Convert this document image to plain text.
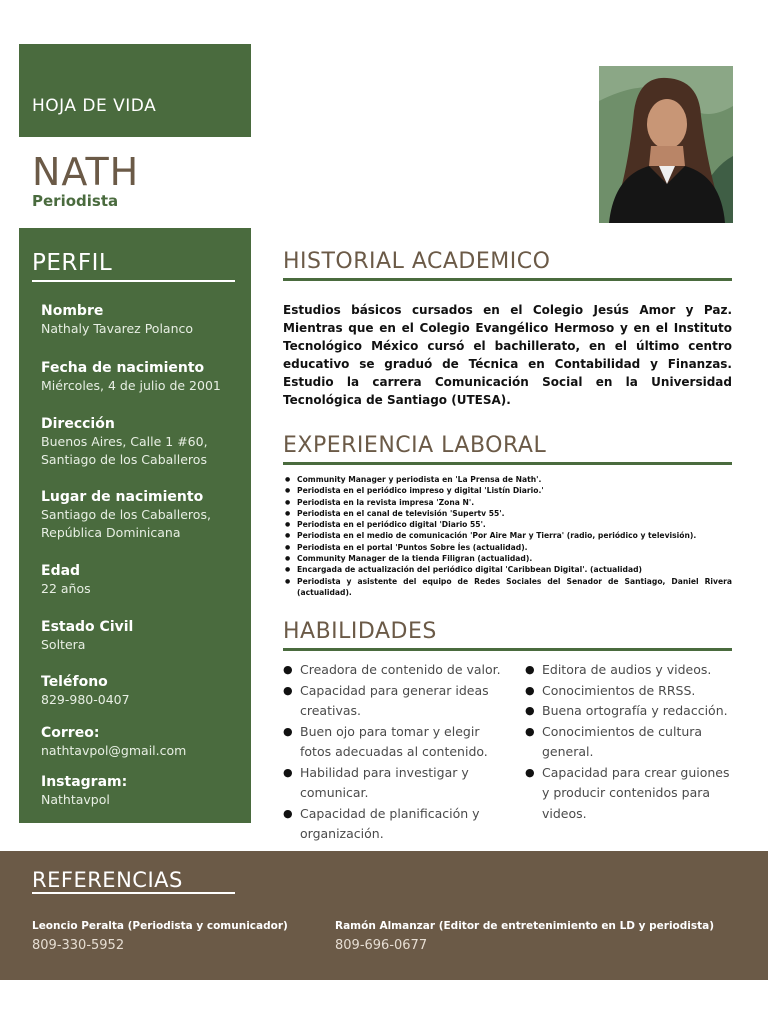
HOJA DE VIDA
NATH
Periodista
PERFIL
Nombre
Nathaly Tavarez Polanco
Fecha de nacimiento
Miércoles, 4 de julio de 2001
Dirección
Buenos Aires, Calle 1 #60, Santiago de los Caballeros
Lugar de nacimiento
Santiago de los Caballeros, República Dominicana
Edad
22 años
Estado Civil
Soltera
Teléfono
829-980-0407
Correo:
nathtavpol@gmail.com
Instagram:
Nathtavpol
HISTORIAL ACADEMICO
Estudios básicos cursados en el Colegio Jesús Amor y Paz. Mientras que en el Colegio Evangélico Hermoso y en el Instituto Tecnológico México cursó el bachillerato, en el último centro educativo se graduó de Técnica en Contabilidad y Finanzas. Estudio la carrera Comunicación Social en la Universidad Tecnológica de Santiago (UTESA).
EXPERIENCIA LABORAL
● Community Manager y periodista en 'La Prensa de Nath'.
● Periodista en el periódico impreso y digital 'Listín Diario.'
● Periodista en la revista impresa 'Zona N'.
● Periodista en el canal de televisión 'Supertv 55'.
● Periodista en el periódico digital 'Diario 55'.
● Periodista en el medio de comunicación 'Por Aire Mar y Tierra' (radio, periódico y televisión).
● Periodista en el portal 'Puntos Sobre Íes (actualidad).
● Community Manager de la tienda Filigran (actualidad).
● Encargada de actualización del periódico digital 'Caribbean Digital'. (actualidad)
● Periodista y asistente del equipo de Redes Sociales del Senador de Santiago, Daniel Rivera (actualidad).
HABILIDADES
● Creadora de contenido de valor.
● Capacidad para generar ideas creativas.
● Buen ojo para tomar y elegir fotos adecuadas al contenido.
● Habilidad para investigar y comunicar.
● Capacidad de planificación y organización.
● Editora de audios y videos.
● Conocimientos de RRSS.
● Buena ortografía y redacción.
● Conocimientos de cultura general.
● Capacidad para crear guiones y producir contenidos para videos.
REFERENCIAS
Leoncio Peralta (Periodista y comunicador)
809-330-5952
Ramón Almanzar (Editor de entretenimiento en LD y periodista)
809-696-0677
